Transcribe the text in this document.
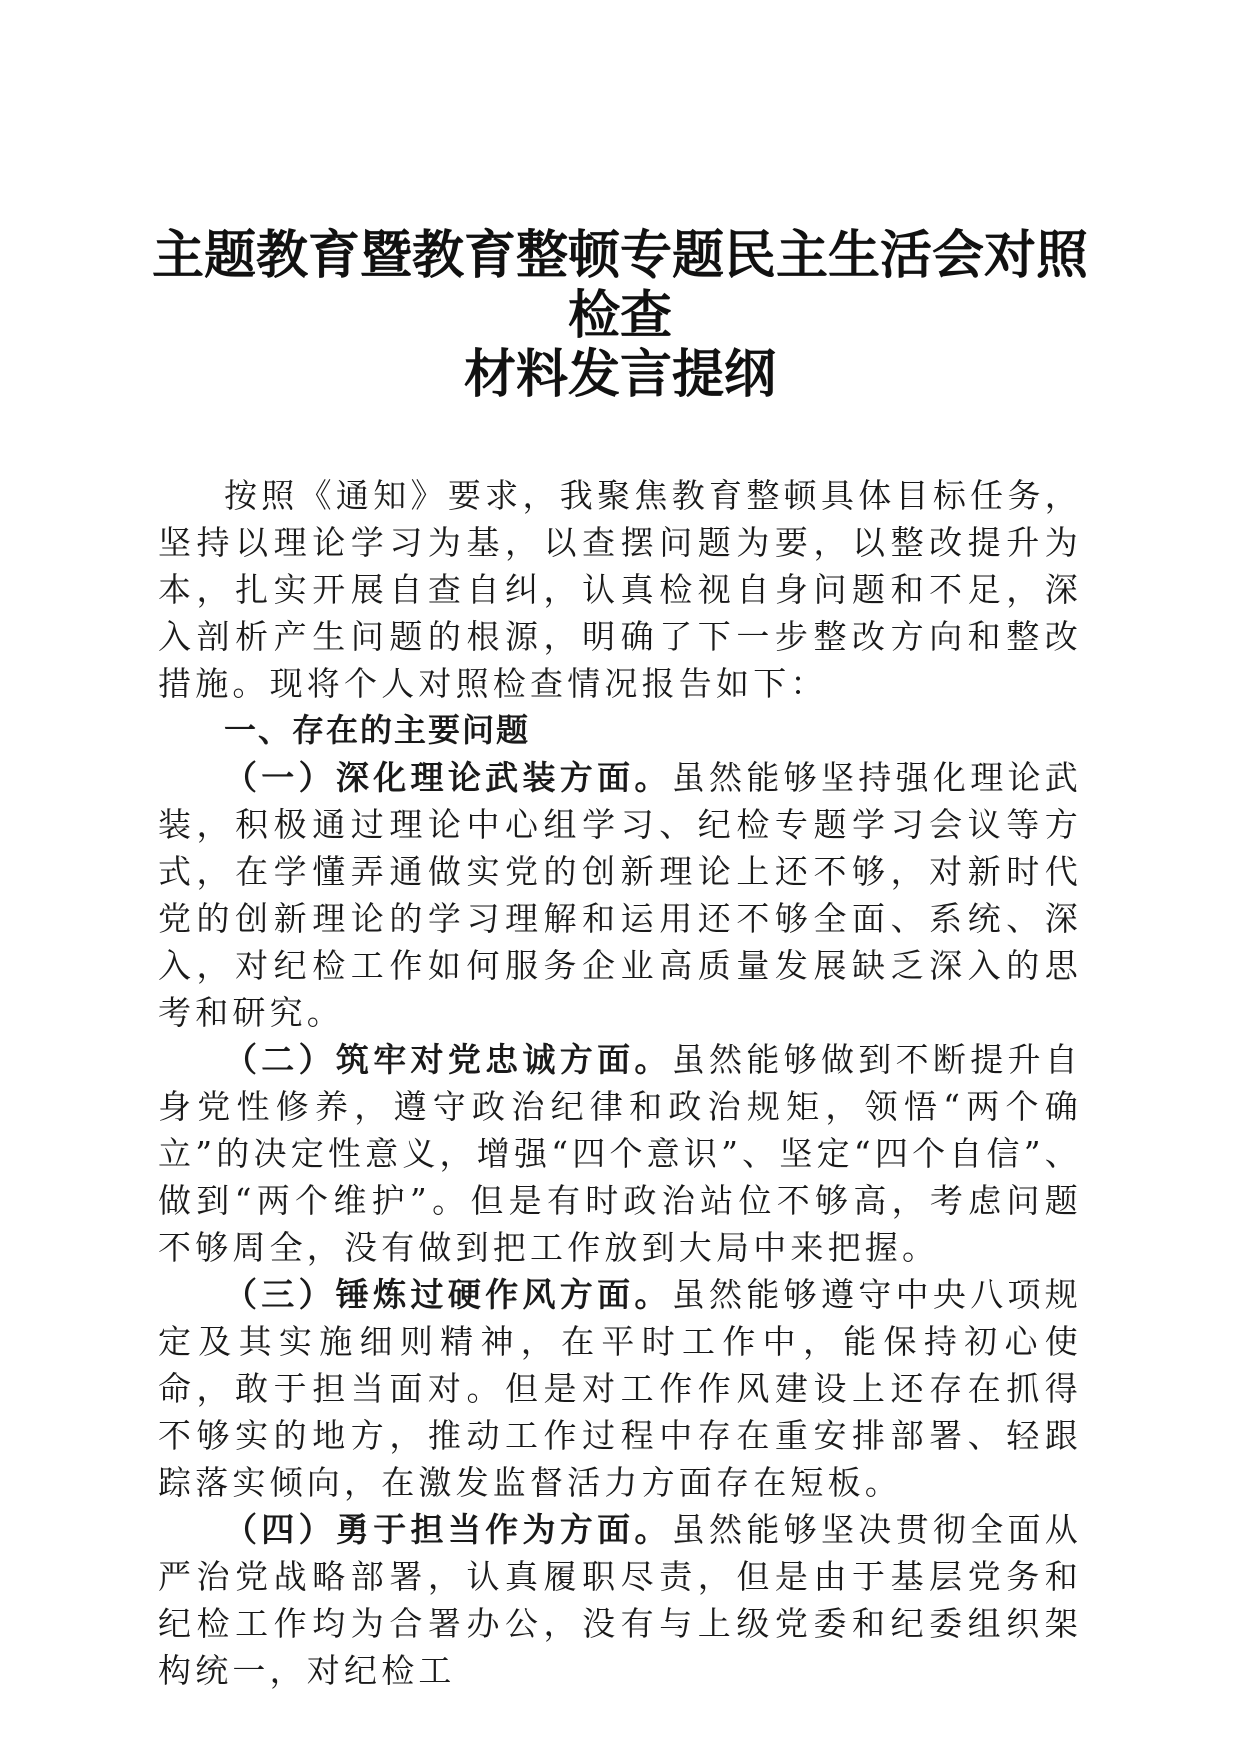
主题教育暨教育整顿专题民主生活会对照检查
材料发言提纲

按照《通知》要求，我聚焦教育整顿具体目标任务，坚持以理论学习为基，以查摆问题为要，以整改提升为本，扎实开展自查自纠，认真检视自身问题和不足，深入剖析产生问题的根源，明确了下一步整改方向和整改措施。现将个人对照检查情况报告如下：

一、存在的主要问题

（一）深化理论武装方面。虽然能够坚持强化理论武装，积极通过理论中心组学习、纪检专题学习会议等方式，在学懂弄通做实党的创新理论上还不够，对新时代党的创新理论的学习理解和运用还不够全面、系统、深入，对纪检工作如何服务企业高质量发展缺乏深入的思考和研究。

（二）筑牢对党忠诚方面。虽然能够做到不断提升自身党性修养，遵守政治纪律和政治规矩，领悟“两个确立”的决定性意义，增强“四个意识”、坚定“四个自信”、做到“两个维护”。但是有时政治站位不够高，考虑问题不够周全，没有做到把工作放到大局中来把握。

（三）锤炼过硬作风方面。虽然能够遵守中央八项规定及其实施细则精神，在平时工作中，能保持初心使命，敢于担当面对。但是对工作作风建设上还存在抓得不够实的地方，推动工作过程中存在重安排部署、轻跟踪落实倾向，在激发监督活力方面存在短板。

（四）勇于担当作为方面。虽然能够坚决贯彻全面从严治党战略部署，认真履职尽责，但是由于基层党务和纪检工作均为合署办公，没有与上级党委和纪委组织架构统一，对纪检工
